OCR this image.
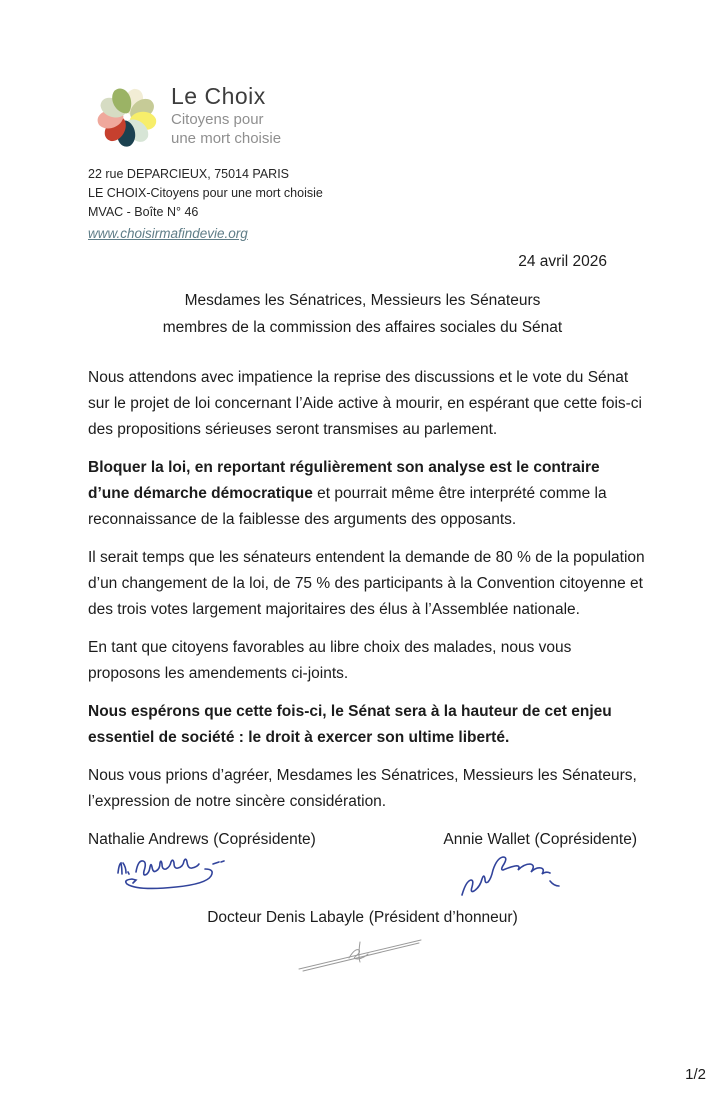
Le Choix
Citoyens pour
une mort choisie
22 rue DEPARCIEUX, 75014 PARIS
LE CHOIX-Citoyens pour une mort choisie
MVAC - Boîte N° 46
www.choisirmafindevie.org
24 avril 2026
Mesdames les Sénatrices, Messieurs les Sénateurs
membres de la commission des affaires sociales du Sénat

Nous attendons avec impatience la reprise des discussions et le vote du Sénat sur le projet de loi concernant l’Aide active à mourir, en espérant que cette fois-ci des propositions sérieuses seront transmises au parlement.

Bloquer la loi, en reportant régulièrement son analyse est le contraire d’une démarche démocratique et pourrait même être interprété comme la reconnaissance de la faiblesse des arguments des opposants.

Il serait temps que les sénateurs entendent la demande de 80 % de la population d’un changement de la loi, de 75 % des participants à la Convention citoyenne et des trois votes largement majoritaires des élus à l’Assemblée nationale.

En tant que citoyens favorables au libre choix des malades, nous vous proposons les amendements ci-joints.

Nous espérons que cette fois-ci, le Sénat sera à la hauteur de cet enjeu essentiel de société : le droit à exercer son ultime liberté.

Nous vous prions d’agréer, Mesdames les Sénatrices, Messieurs les Sénateurs, l’expression de notre sincère considération.

Nathalie Andrews (Coprésidente)	Annie Wallet (Coprésidente)
Docteur Denis Labayle (Président d’honneur)
1/2
